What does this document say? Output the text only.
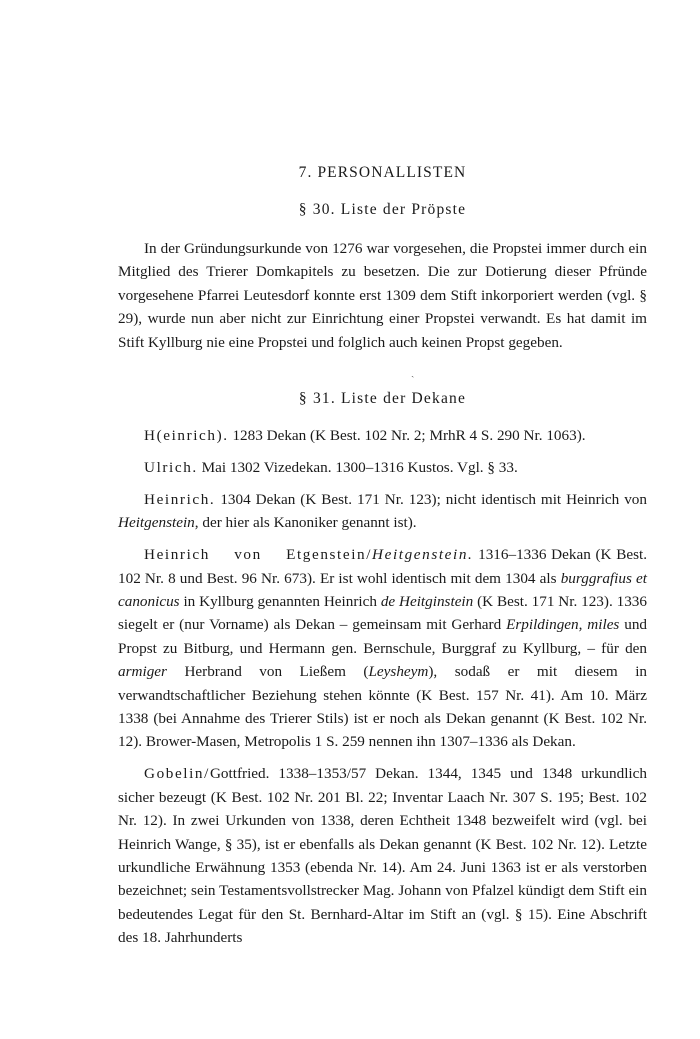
7. PERSONALLISTEN
§ 30. Liste der Pröpste

In der Gründungsurkunde von 1276 war vorgesehen, die Propstei immer durch ein Mitglied des Trierer Domkapitels zu besetzen. Die zur Dotierung dieser Pfründe vorgesehene Pfarrei Leutesdorf konnte erst 1309 dem Stift inkorporiert werden (vgl. § 29), wurde nun aber nicht zur Einrichtung einer Propstei verwandt. Es hat damit im Stift Kyllburg nie eine Propstei und folglich auch keinen Propst gegeben.

§ 31. Liste der Dekane

H(einrich). 1283 Dekan (K Best. 102 Nr. 2; MrhR 4 S. 290 Nr. 1063).

Ulrich. Mai 1302 Vizedekan. 1300–1316 Kustos. Vgl. § 33.

Heinrich. 1304 Dekan (K Best. 171 Nr. 123); nicht identisch mit Heinrich von Heitgenstein, der hier als Kanoniker genannt ist).

Heinrich von Etgenstein/Heitgenstein. 1316–1336 Dekan (K Best. 102 Nr. 8 und Best. 96 Nr. 673). Er ist wohl identisch mit dem 1304 als burggrafius et canonicus in Kyllburg genannten Heinrich de Heitginstein (K Best. 171 Nr. 123). 1336 siegelt er (nur Vorname) als Dekan – gemeinsam mit Gerhard Erpildingen, miles und Propst zu Bitburg, und Hermann gen. Bernschule, Burggraf zu Kyllburg, – für den armiger Herbrand von Ließem (Leysheym), sodaß er mit diesem in verwandtschaftlicher Beziehung stehen könnte (K Best. 157 Nr. 41). Am 10. März 1338 (bei Annahme des Trierer Stils) ist er noch als Dekan genannt (K Best. 102 Nr. 12). Brower-Masen, Metropolis 1 S. 259 nennen ihn 1307–1336 als Dekan.

Gobelin/Gottfried. 1338–1353/57 Dekan. 1344, 1345 und 1348 urkundlich sicher bezeugt (K Best. 102 Nr. 201 Bl. 22; Inventar Laach Nr. 307 S. 195; Best. 102 Nr. 12). In zwei Urkunden von 1338, deren Echtheit 1348 bezweifelt wird (vgl. bei Heinrich Wange, § 35), ist er ebenfalls als Dekan genannt (K Best. 102 Nr. 12). Letzte urkundliche Erwähnung 1353 (ebenda Nr. 14). Am 24. Juni 1363 ist er als verstorben bezeichnet; sein Testamentsvollstrecker Mag. Johann von Pfalzel kündigt dem Stift ein bedeutendes Legat für den St. Bernhard-Altar im Stift an (vgl. § 15). Eine Abschrift des 18. Jahrhunderts

ˏ
